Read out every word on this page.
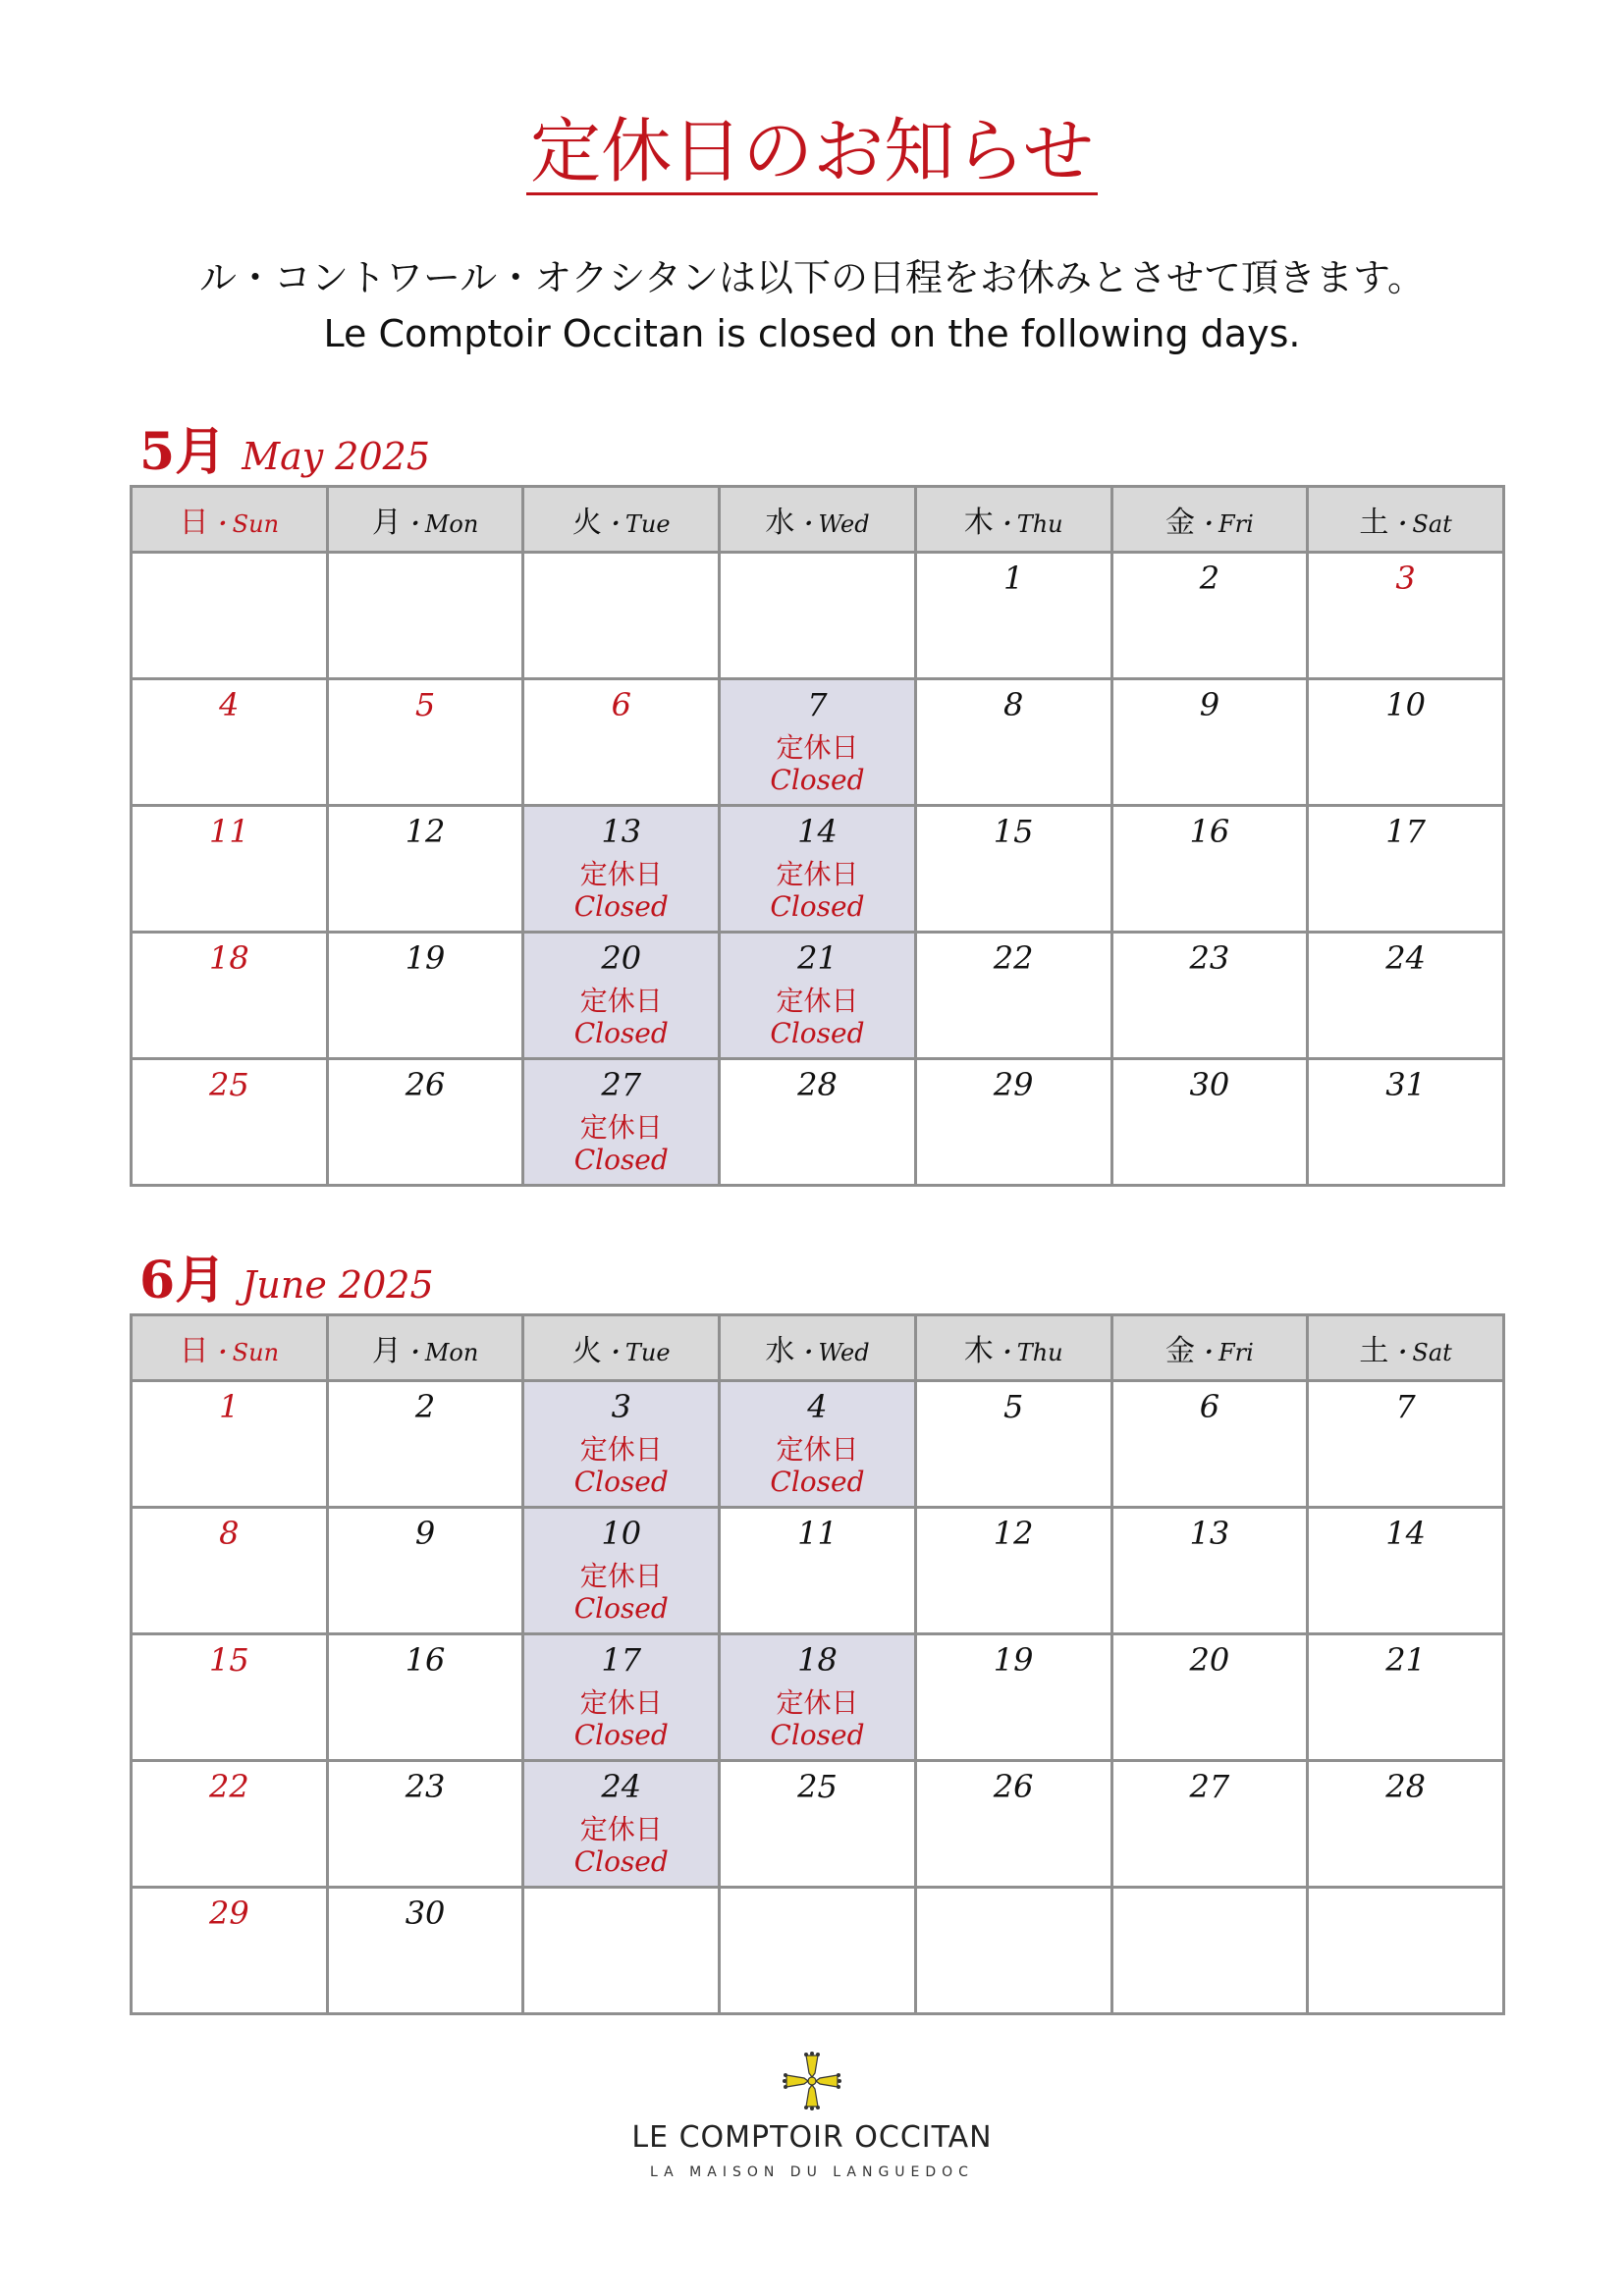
定休日のお知らせ
ル・コントワール・オクシタンは以下の日程をお休みとさせて頂きます。
Le Comptoir Occitan is closed on the following days.
5月 May 2025
日・Sun	月・Mon	火・Tue	水・Wed	木・Thu	金・Fri	土・Sat

				1	2	3

4	5	6	7
定休日
Closed	8	9	10

11	12	13
定休日
Closed	14
定休日
Closed	15	16	17

18	19	20
定休日
Closed	21
定休日
Closed	22	23	24

25	26	27
定休日
Closed	28	29	30	31
6月 June 2025
日・Sun	月・Mon	火・Tue	水・Wed	木・Thu	金・Fri	土・Sat

1	2	3
定休日
Closed	4
定休日
Closed	5	6	7

8	9	10
定休日
Closed	11	12	13	14

15	16	17
定休日
Closed	18
定休日
Closed	19	20	21

22	23	24
定休日
Closed	25	26	27	28

29	30					

LE COMPTOIR OCCITAN
LA MAISON DU LANGUEDOC
